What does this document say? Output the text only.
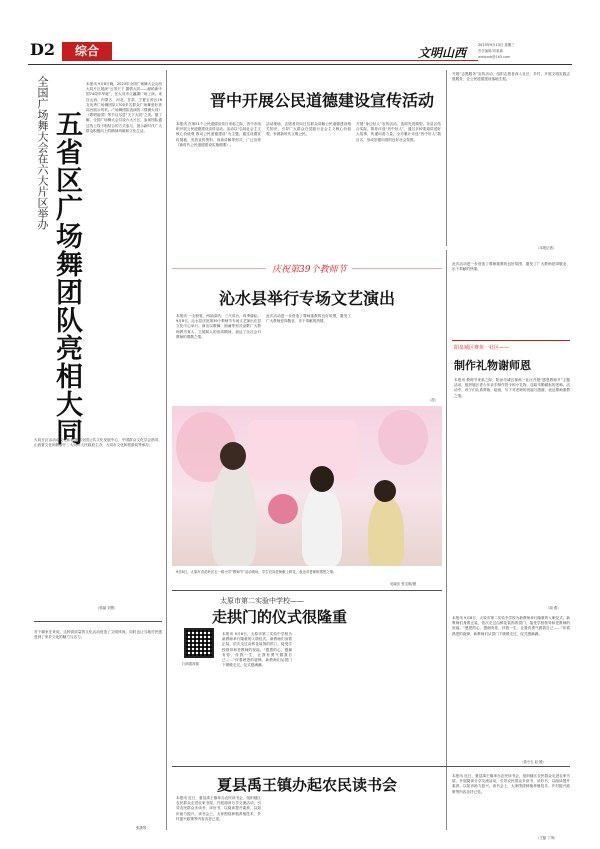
D2	综合	2023年9月13日 星期三
责任编辑/常惠瑜
wmbzxb@163.com
文明山西
全国广场舞大会在六大片区举办 五省区广场舞团队亮相大同
本报讯 9月8日晚，2023年全国广场舞大会山西大同片区展演“云冈天下 激情大同——献给新中国74周年华诞”，在大同市文瀛湖广场上演。来自山西、内蒙古、河北、甘肃、宁夏五省区16支优秀广场舞团队1700多名群众广场舞爱好者同台展示风采。广场舞团队表演的《情满大同》《歌唱祖国》等节目尽显“天下大同”之美。据了解，全国广场舞大会共设六大片区，参演团队通过线上线下相结合的方式参与，展示新时代广大群众积极向上的精神风貌和文化生活。
大同片区活动由文化和旅游部全国公共文化发展中心、中国群众文化学会指导，山西省文化和旅游厅、大同市人民政府主办，大同市文化和旅游局等承办。
（郭斌 刘慧）
对于喻家庄来说，这种高质量的文化活动营造了文明风尚，同时也让当地村民感受到了家乡文化的魅力与活力。
张潇琴
晋中开展公民道德建设宣传活动
本报讯 在第21个公民道德宣传日来临之际，晋中市组织开展公民道德建设宣传活动。活动以“弘扬社会主义核心价值观 推动公民道德建设”为主题，通过设置宣传展板、发放宣传资料、现场讲解等形式，广泛宣传《新时代公民道德建设实施纲要》。
活动现场，志愿者们向过往群众讲解公民道德建设相关知识，引导广大群众自觉践行社会主义核心价值观，争做新时代文明公民。
开展“身边好人”宣传活动，选树先进典型。各县区结合实际，推荐评选“晋中好人”，通过多种渠道讲述好人故事，传递向善力量。全市累计评选“晋中好人”数百名，形成崇德向善的良好社会氛围。
开展“志愿服务”宣传活动，组织志愿者深入社区、乡村，开展文明实践志愿服务，让公民道德建设落地生根。
（本报记者）
庆祝第39个教师节
沁水县举行专场文艺演出
本报讯 一支粉笔，两袖清风；三尺讲台，四季耕耘。9月8日，沁水县庆祝第39个教师节专场文艺演出在县文化中心举行。演出以歌舞、朗诵等形式讴歌广大教师教书育人、立德树人的崇高精神，表达了全社会对教师的尊敬之情。
此次活动进一步营造了尊师重教的良好氛围，激发了广大教师爱岗敬业、乐于奉献的热情。
（范）
9月8日，太原市杏花岭区五一路小学“教师节”活动现场，学生们向老师献上鲜花，表达对老师的感恩之情。
吴晓庆 张宝明/摄
此次活动进一步营造了尊师重教的良好氛围，激发了广大教师爱岗敬业、乐于奉献的热情。
阳泉城区赛鱼一社区——
制作礼物谢师恩
本报讯 教师节来临之际，阳泉市城区赛鱼一社区开展“感恩教师节”主题活动，组织辖区青少年亲手制作贺卡和小礼物，送给辛勤耕耘的老师。活动中，孩子们认真剪裁、绘画，写下对老师的祝福与感谢，表达尊师重教之情。
（周 燕）
太原市第二实验中学校——
走拱门的仪式很隆重
扫码看视频
本报讯 9月8日，太原市第二实验中学校为新教师举行隆重的入职仪式。新教师们身着正装，依次走过由鲜花装饰的拱门，接受学校领导和老教师的祝福。“感恩的心，感谢有你，伴我一生，让我有勇气做我自己……”伴着熟悉的旋律，新教师们从拱门下缓缓走过，仪式感满满。
本报讯 9月8日，太原市第二实验中学校为新教师举行隆重的入职仪式。新教师们身着正装，依次走过由鲜花装饰的拱门，接受学校领导和老教师的祝福。“感恩的心，感谢有你，伴我一生，让我有勇气做我自己……”伴着熟悉的旋律，新教师们从拱门下缓缓走过，仪式感满满。
（梁小玉 赵 媛）
夏县禹王镇办起农民读书会
本报讯 近日，夏县禹王镇举办农民读书会，组织辖区农民群众走进农家书屋，开展阅读分享交流活动，引导农民群众多读书、读好书，以阅读提升素养、以知识助力振兴。读书会上，大家围绕种植养殖技术、乡村振兴政策等内容各抒己见。
本报讯 近日，夏县禹王镇举办农民读书会，组织辖区农民群众走进农家书屋，开展阅读分享交流活动，引导农民群众多读书、读好书，以阅读提升素养、以知识助力振兴。读书会上，大家围绕种植养殖技术、乡村振兴政策等内容各抒己见。
（王磊 丁飒）
